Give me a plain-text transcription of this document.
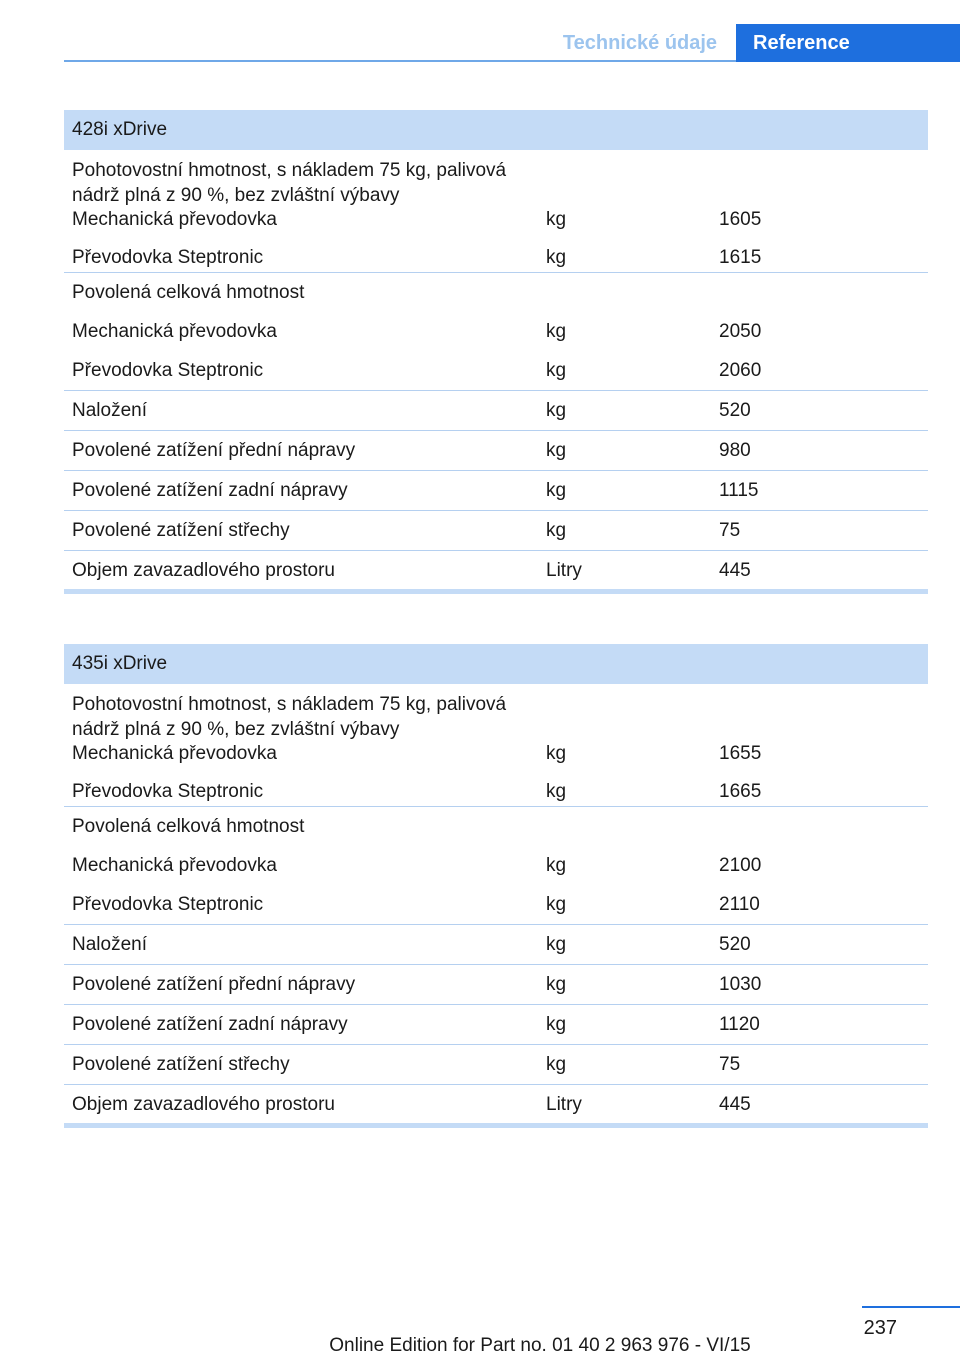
Technické údaje	Reference
428i xDrive
Pohotovostní hmotnost, s nákladem 75 kg, palivová nádrž plná z 90 %, bez zvláštní výbavy
Mechanická převodovka	kg	1605
Převodovka Steptronic	kg	1615
Povolená celková hmotnost
Mechanická převodovka	kg	2050
Převodovka Steptronic	kg	2060
Naložení	kg	520
Povolené zatížení přední nápravy	kg	980
Povolené zatížení zadní nápravy	kg	1115
Povolené zatížení střechy	kg	75
Objem zavazadlového prostoru	Litry	445
435i xDrive
Pohotovostní hmotnost, s nákladem 75 kg, palivová nádrž plná z 90 %, bez zvláštní výbavy
Mechanická převodovka	kg	1655
Převodovka Steptronic	kg	1665
Povolená celková hmotnost
Mechanická převodovka	kg	2100
Převodovka Steptronic	kg	2110
Naložení	kg	520
Povolené zatížení přední nápravy	kg	1030
Povolené zatížení zadní nápravy	kg	1120
Povolené zatížení střechy	kg	75
Objem zavazadlového prostoru	Litry	445
237
Online Edition for Part no. 01 40 2 963 976 - VI/15
